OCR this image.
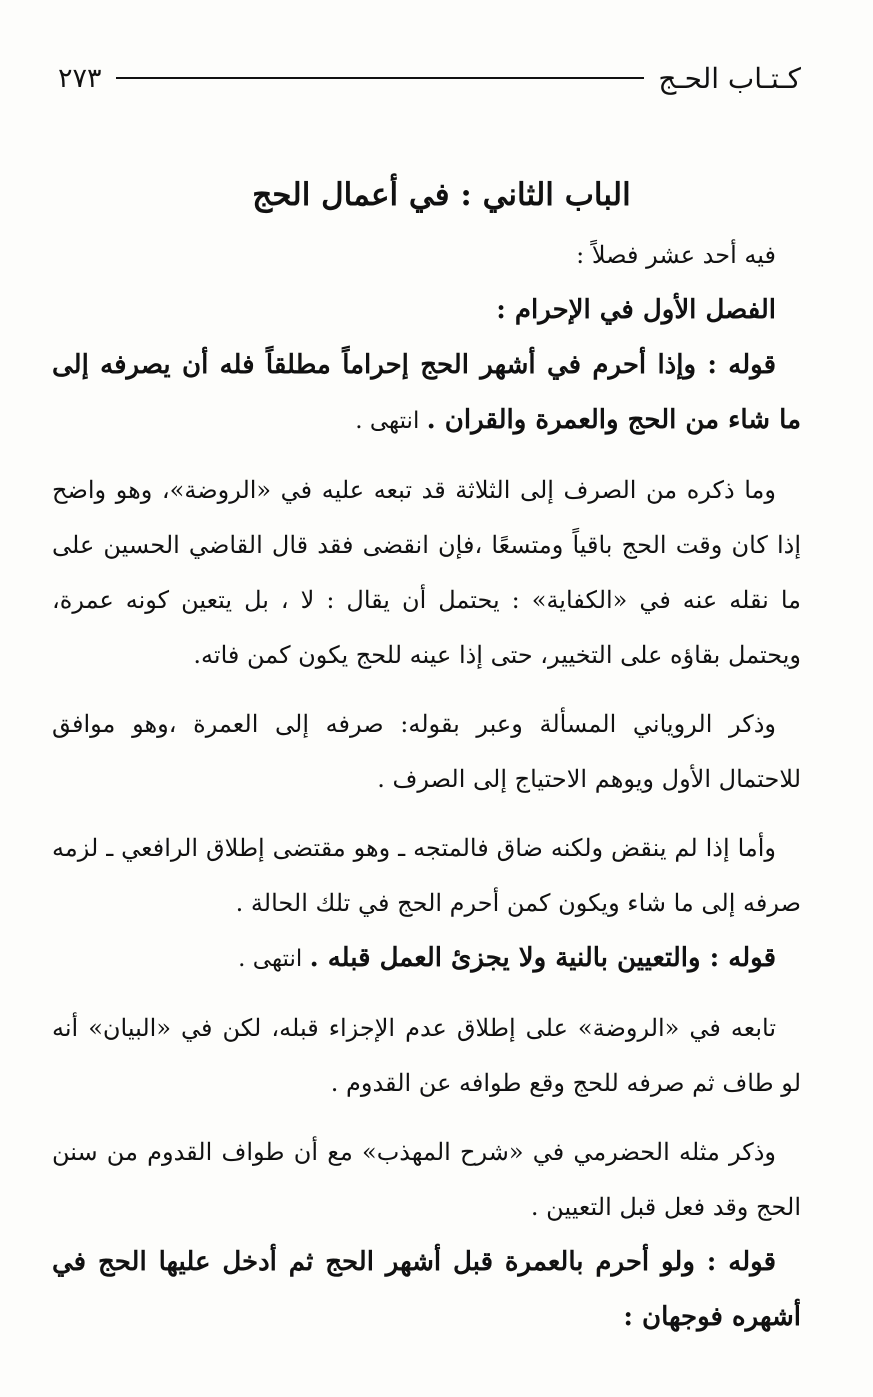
كـتـاب الحـج
٢٧٣
الباب الثاني : في أعمال الحج

فيه أحد عشر فصلاً :

الفصل الأول في الإحرام :

قوله : وإذا أحرم في أشهر الحج إحراماً مطلقاً فله أن يصرفه إلى ما شاء من الحج والعمرة والقران . انتهى .

وما ذكره من الصرف إلى الثلاثة قد تبعه عليه في «الروضة»، وهو واضح إذا كان وقت الحج باقياً ومتسعًا ،فإن انقضى فقد قال القاضي الحسين على ما نقله عنه في «الكفاية» : يحتمل أن يقال : لا ، بل يتعين كونه عمرة، ويحتمل بقاؤه على التخيير، حتى إذا عينه للحج يكون كمن فاته.

وذكر الروياني المسألة وعبر بقوله: صرفه إلى العمرة ،وهو موافق للاحتمال الأول ويوهم الاحتياج إلى الصرف .

وأما إذا لم ينقض ولكنه ضاق فالمتجه ـ وهو مقتضى إطلاق الرافعي ـ لزمه صرفه إلى ما شاء ويكون كمن أحرم الحج في تلك الحالة .

قوله : والتعيين بالنية ولا يجزئ العمل قبله . انتهى .

تابعه في «الروضة» على إطلاق عدم الإجزاء قبله، لكن في «البيان» أنه لو طاف ثم صرفه للحج وقع طوافه عن القدوم .

وذكر مثله الحضرمي في «شرح المهذب» مع أن طواف القدوم من سنن الحج وقد فعل قبل التعيين .

قوله : ولو أحرم بالعمرة قبل أشهر الحج ثم أدخل عليها الحج في أشهره فوجهان :
